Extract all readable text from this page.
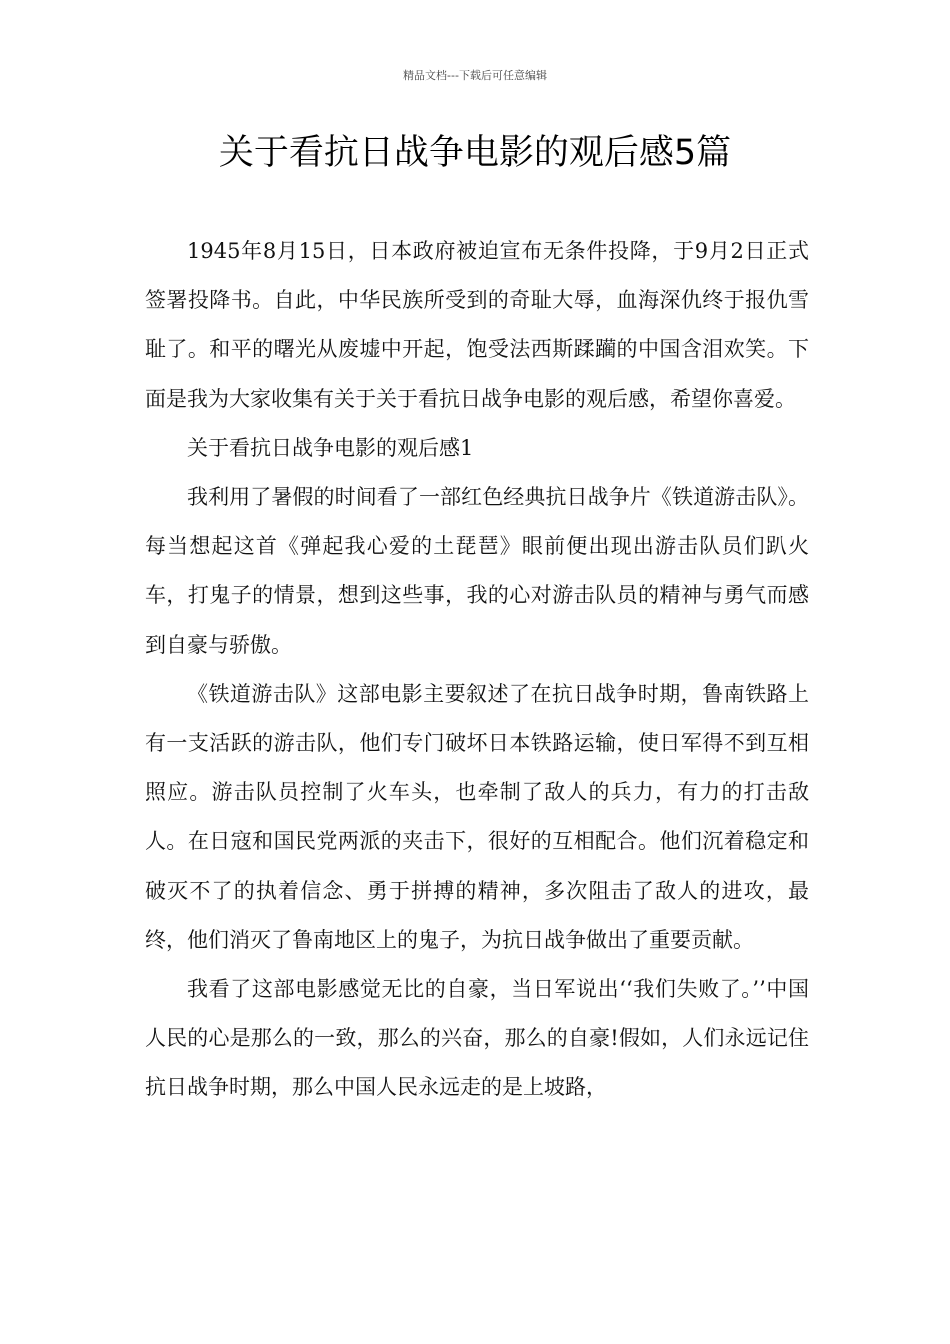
精品文档---下载后可任意编辑
关于看抗日战争电影的观后感5篇

1945年8月15日，日本政府被迫宣布无条件投降，于9月2日正式签署投降书。自此，中华民族所受到的奇耻大辱，血海深仇终于报仇雪耻了。和平的曙光从废墟中开起，饱受法西斯蹂躏的中国含泪欢笑。下面是我为大家收集有关于关于看抗日战争电影的观后感，希望你喜爱。

关于看抗日战争电影的观后感1

我利用了暑假的时间看了一部红色经典抗日战争片《铁道游击队》。每当想起这首《弹起我心爱的土琵琶》眼前便出现出游击队员们趴火车，打鬼子的情景，想到这些事，我的心对游击队员的精神与勇气而感到自豪与骄傲。

《铁道游击队》这部电影主要叙述了在抗日战争时期，鲁南铁路上有一支活跃的游击队，他们专门破坏日本铁路运输，使日军得不到互相照应。游击队员控制了火车头，也牵制了敌人的兵力，有力的打击敌人。在日寇和国民党两派的夹击下，很好的互相配合。他们沉着稳定和破灭不了的执着信念、勇于拼搏的精神，多次阻击了敌人的进攻，最终，他们消灭了鲁南地区上的鬼子，为抗日战争做出了重要贡献。

我看了这部电影感觉无比的自豪，当日军说出‘‘我们失败了。’’中国人民的心是那么的一致，那么的兴奋，那么的自豪!假如，人们永远记住抗日战争时期，那么中国人民永远走的是上坡路，
